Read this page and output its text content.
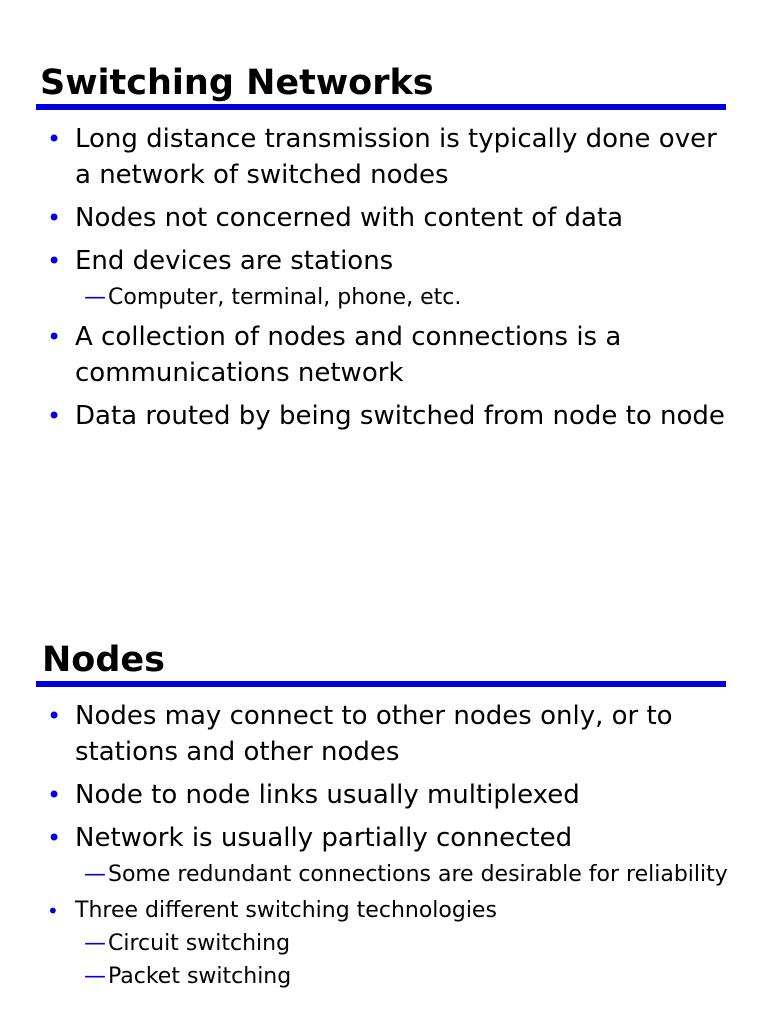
Switching Networks
• Long distance transmission is typically done over a network of switched nodes
• Nodes not concerned with content of data
• End devices are stations
— Computer, terminal, phone, etc.
• A collection of nodes and connections is a communications network
• Data routed by being switched from node to node
Nodes
• Nodes may connect to other nodes only, or to stations and other nodes
• Node to node links usually multiplexed
• Network is usually partially connected
— Some redundant connections are desirable for reliability
• Three different switching technologies
— Circuit switching
— Packet switching
